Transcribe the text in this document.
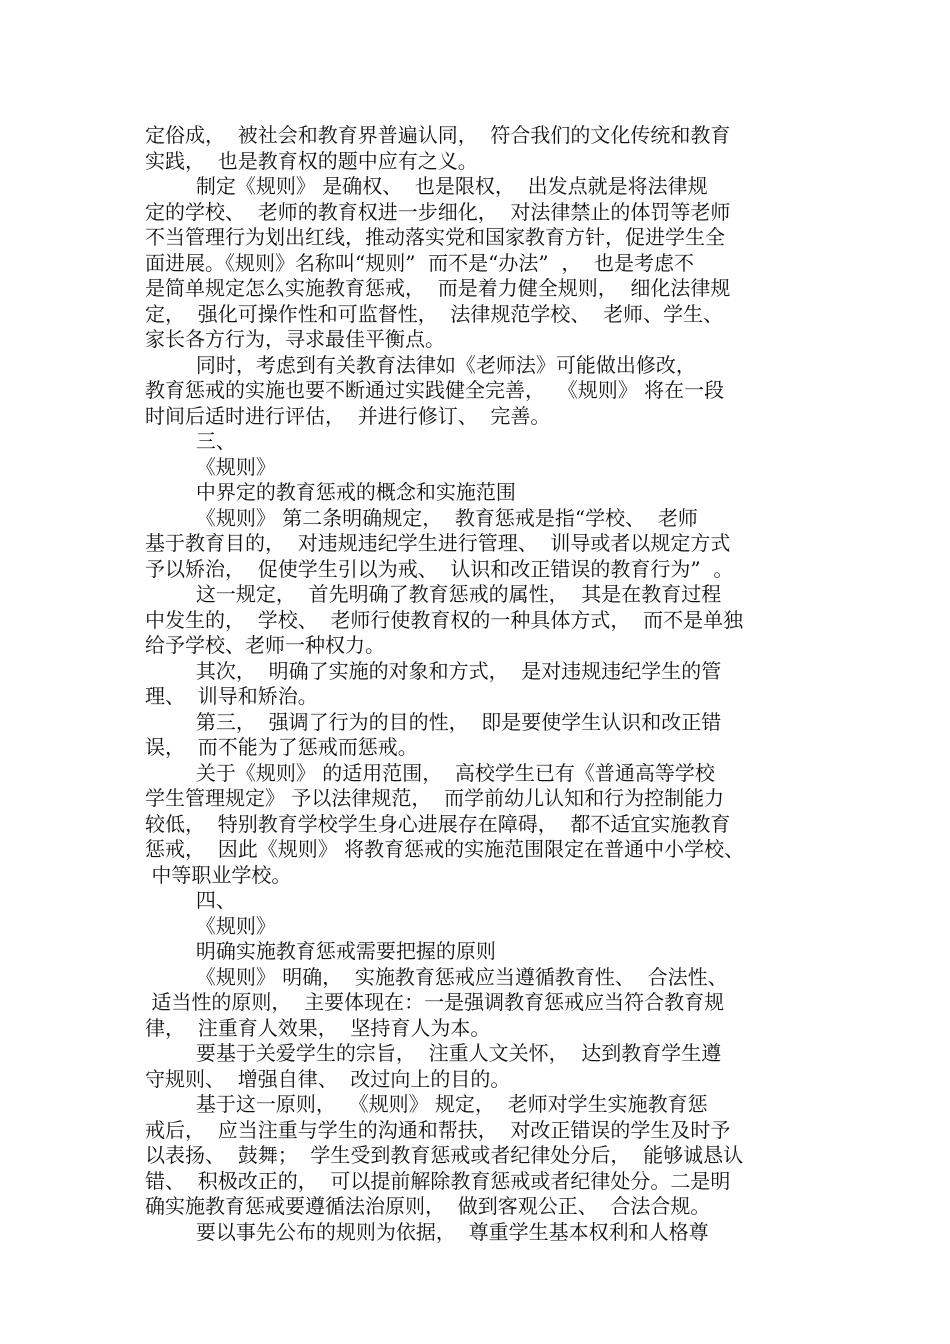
定俗成，  被社会和教育界普遍认同，  符合我们的文化传统和教育
实践，  也是教育权的题中应有之义。
制定《规则》 是确权、  也是限权，  出发点就是将法律规
定的学校、  老师的教育权进一步细化，  对法律禁止的体罚等老师
不当管理行为划出红线，推动落实党和国家教育方针，促进学生全
面进展。《规则》名称叫“规则”  而不是“办法”  ，  也是考虑不
是简单规定怎么实施教育惩戒，  而是着力健全规则，  细化法律规
定，  强化可操作性和可监督性，  法律规范学校、  老师、学生、
家长各方行为，寻求最佳平衡点。
同时，考虑到有关教育法律如《老师法》可能做出修改，
教育惩戒的实施也要不断通过实践健全完善，  《规则》 将在一段
时间后适时进行评估，  并进行修订、  完善。
三、
《规则》
中界定的教育惩戒的概念和实施范围
《规则》 第二条明确规定，  教育惩戒是指“学校、  老师
基于教育目的，  对违规违纪学生进行管理、  训导或者以规定方式
予以矫治，  促使学生引以为戒、  认识和改正错误的教育行为”  。
这一规定，  首先明确了教育惩戒的属性，  其是在教育过程
中发生的，  学校、  老师行使教育权的一种具体方式，  而不是单独
给予学校、老师一种权力。
其次，  明确了实施的对象和方式，  是对违规违纪学生的管
理、  训导和矫治。
第三，  强调了行为的目的性，  即是要使学生认识和改正错
误，  而不能为了惩戒而惩戒。
关于《规则》 的适用范围，  高校学生已有《普通高等学校
学生管理规定》 予以法律规范，  而学前幼儿认知和行为控制能力
较低，  特别教育学校学生身心进展存在障碍，  都不适宜实施教育
惩戒，  因此《规则》 将教育惩戒的实施范围限定在普通中小学校、
中等职业学校。
四、
《规则》
明确实施教育惩戒需要把握的原则
《规则》 明确，  实施教育惩戒应当遵循教育性、  合法性、
适当性的原则，  主要体现在：一是强调教育惩戒应当符合教育规
律，  注重育人效果，  坚持育人为本。
要基于关爱学生的宗旨，  注重人文关怀，  达到教育学生遵
守规则、  增强自律、  改过向上的目的。
基于这一原则，  《规则》 规定，  老师对学生实施教育惩
戒后，  应当注重与学生的沟通和帮扶，  对改正错误的学生及时予
以表扬、  鼓舞；  学生受到教育惩戒或者纪律处分后，  能够诚恳认
错、  积极改正的，  可以提前解除教育惩戒或者纪律处分。二是明
确实施教育惩戒要遵循法治原则，  做到客观公正、  合法合规。
要以事先公布的规则为依据，  尊重学生基本权利和人格尊
